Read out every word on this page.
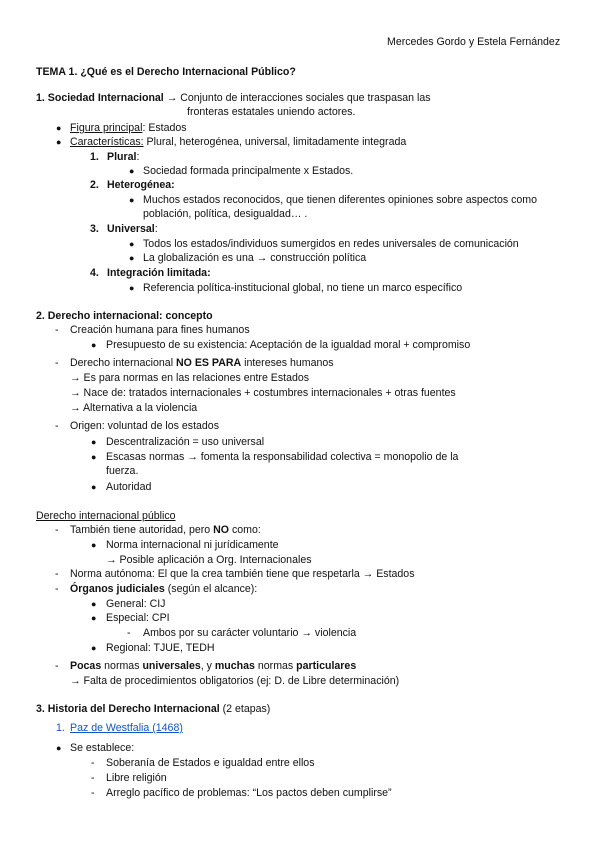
Mercedes Gordo y Estela Fernández
TEMA 1. ¿Qué es el Derecho Internacional Público?
1. Sociedad Internacional → Conjunto de interacciones sociales que traspasan las
fronteras estatales uniendo actores.
● Figura principal: Estados
● Características: Plural, heterogénea, universal, limitadamente integrada
1. Plural:
● Sociedad formada principalmente x Estados.
2. Heterogénea:
● Muchos estados reconocidos, que tienen diferentes opiniones sobre aspectos como
población, política, desigualdad… .
3. Universal:
● Todos los estados/individuos sumergidos en redes universales de comunicación
● La globalización es una → construcción política
4. Integración limitada:
● Referencia política-institucional global, no tiene un marco específico
2. Derecho internacional: concepto
- Creación humana para fines humanos
● Presupuesto de su existencia: Aceptación de la igualdad moral + compromiso
- Derecho internacional NO ES PARA intereses humanos
→ Es para normas en las relaciones entre Estados
→ Nace de: tratados internacionales + costumbres internacionales + otras fuentes
→ Alternativa a la violencia
- Origen: voluntad de los estados
● Descentralización = uso universal
● Escasas normas → fomenta la responsabilidad colectiva = monopolio de la
fuerza.
● Autoridad
Derecho internacional público
- También tiene autoridad, pero NO como:
● Norma internacional ni jurídicamente
→ Posible aplicación a Org. Internacionales
- Norma autónoma: El que la crea también tiene que respetarla → Estados
- Órganos judiciales (según el alcance):
● General: CIJ
● Especial: CPI
- Ambos por su carácter voluntario → violencia
● Regional: TJUE, TEDH
- Pocas normas universales, y muchas normas particulares
→ Falta de procedimientos obligatorios (ej: D. de Libre determinación)
3. Historia del Derecho Internacional (2 etapas)
1. Paz de Westfalia (1468)
● Se establece:
- Soberanía de Estados e igualdad entre ellos
- Libre religión
- Arreglo pacífico de problemas: “Los pactos deben cumplirse”
